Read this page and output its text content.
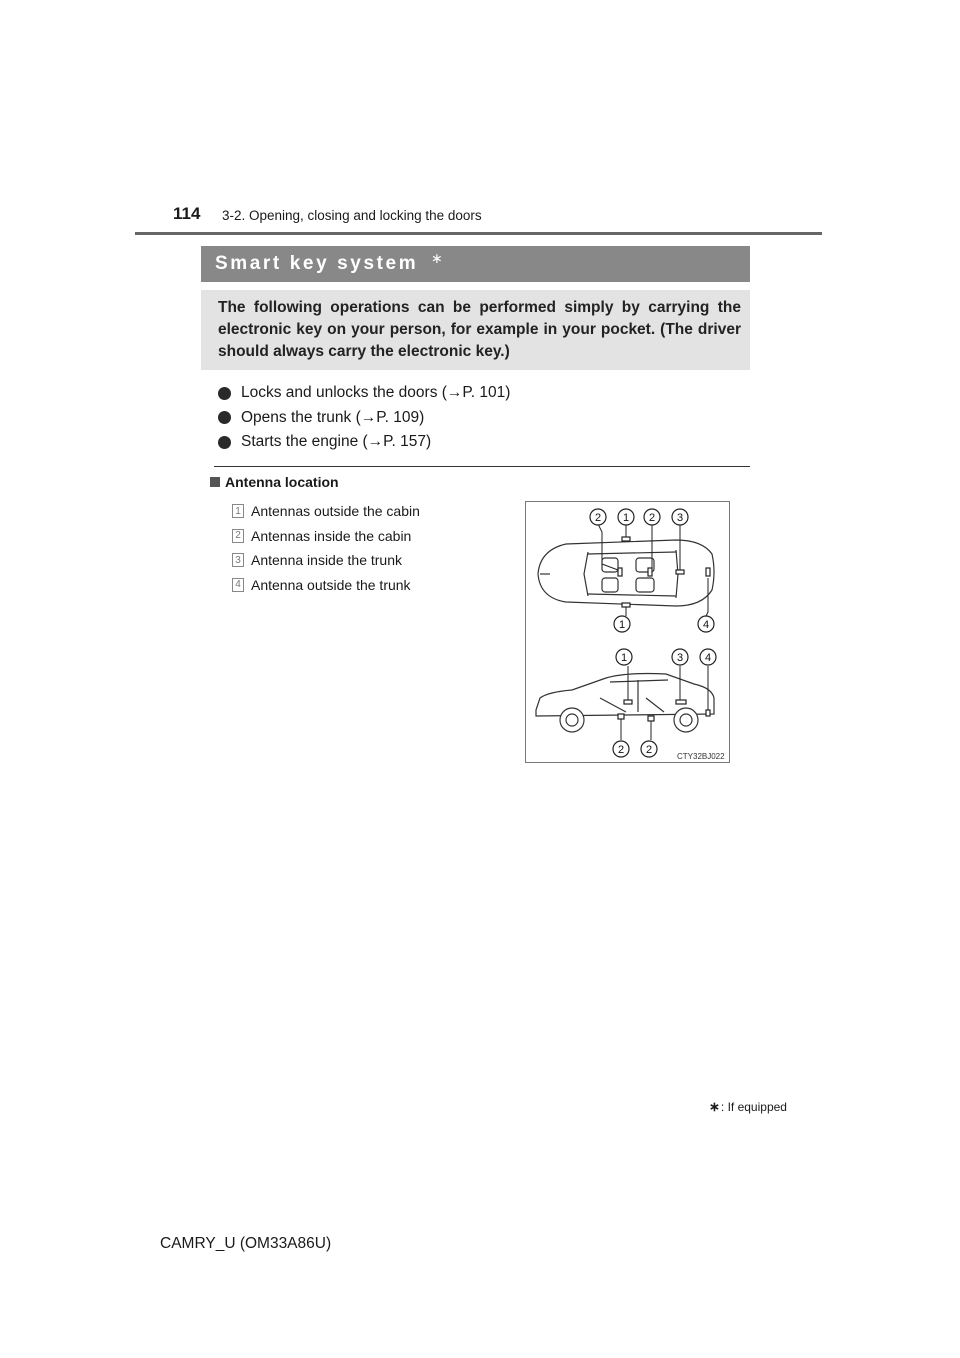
114 3-2. Opening, closing and locking the doors
Smart key system ∗
The following operations can be performed simply by carrying the electronic key on your person, for example in your pocket. (The driver should always carry the electronic key.)
Locks and unlocks the doors (→P. 101)
Opens the trunk (→P. 109)
Starts the engine (→P. 157)
Antenna location
1 Antennas outside the cabin
2 Antennas inside the cabin
3 Antenna inside the trunk
4 Antenna outside the trunk
2 1 2 3
1	4
1	3 4
2 2
CTY32BJ022
∗ : If equipped
CAMRY_U (OM33A86U)
